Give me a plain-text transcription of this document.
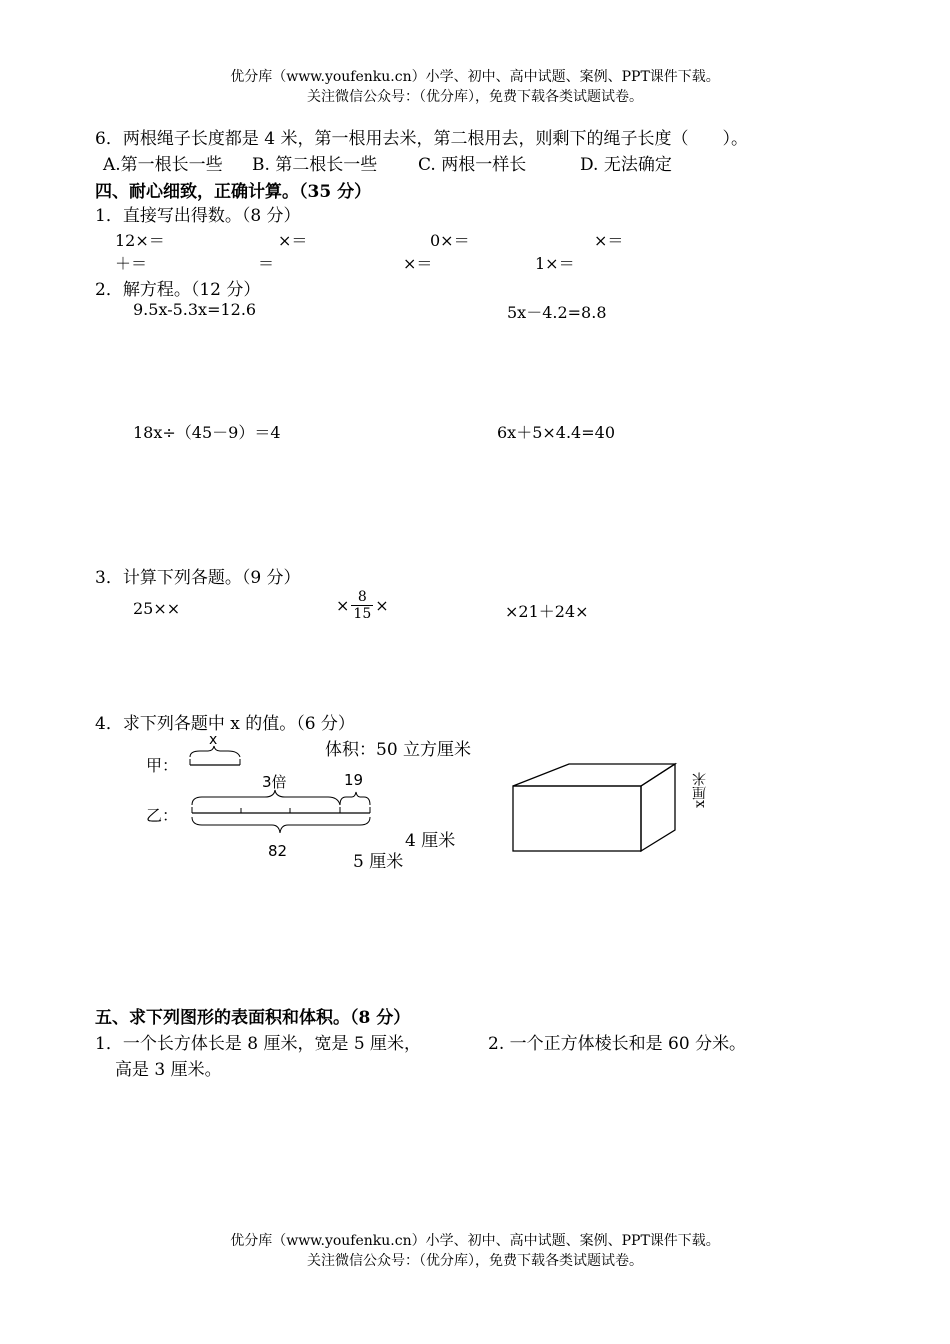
优分库（www.youfenku.cn）小学、初中、高中试题、案例、PPT课件下载。
关注微信公众号：（优分库），免费下载各类试题试卷。
6．两根绳子长度都是 4 米，第一根用去米，第二根用去，则剩下的绳子长度（　　）。
A.第一根长一些 B. 第二根长一些 C. 两根一样长	D. 无法确定
四、耐心细致，正确计算。（35 分）
1．直接写出得数。（8 分）
12×＝	×＝	0×＝	×＝
＋＝	＝	×＝	1×＝
2．解方程。（12 分）
9.5x-5.3x=12.6	5x－4.2=8.8
18x÷（45－9）＝4	6x＋5×4.4=40
3．计算下列各题。（9 分）
25××	× $\frac{8}{15}$ ×	×21＋24×
4．求下列各题中 x 的值。（6 分）
甲：
乙：
x
3倍	19
82
体积：50 立方厘米
4 厘米
5 厘米
x厘米
五、求下列图形的表面积和体积。（8 分）
1．一个长方体长是 8 厘米，宽是 5 厘米，
高是 3 厘米。
2. 一个正方体棱长和是 60 分米。
优分库（www.youfenku.cn）小学、初中、高中试题、案例、PPT课件下载。
关注微信公众号：（优分库），免费下载各类试题试卷。
